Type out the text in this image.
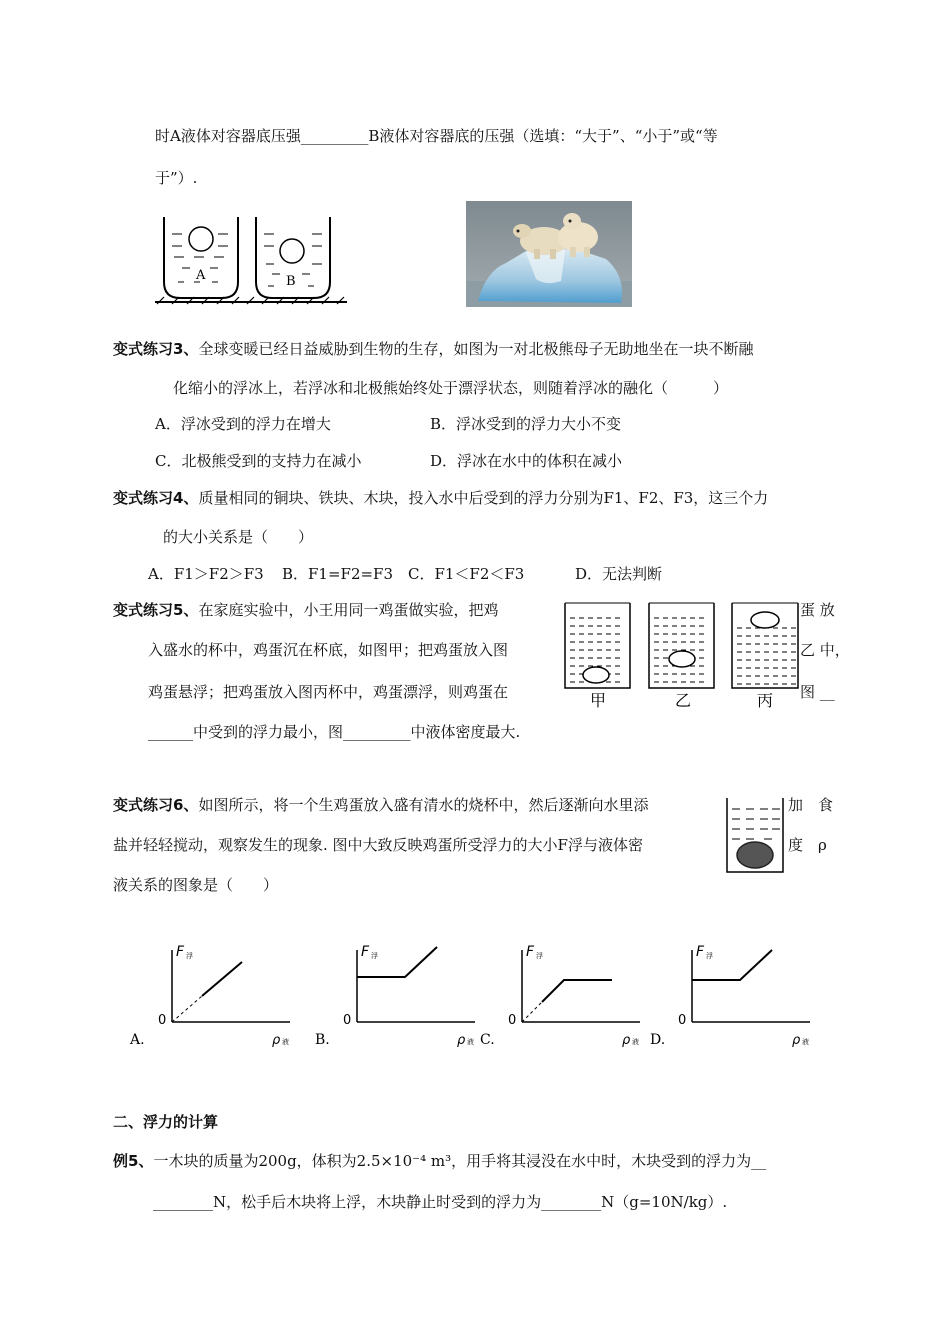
时A液体对容器底压强_________B液体对容器底的压强（选填：“大于”、“小于”或“等
于”）.
A	B
变式练习3、全球变暖已经日益威胁到生物的生存，如图为一对北极熊母子无助地坐在一块不断融
化缩小的浮冰上，若浮冰和北极熊始终处于漂浮状态，则随着浮冰的融化（　　　）
A．浮冰受到的浮力在增大	B．浮冰受到的浮力大小不变
C．北极熊受到的支持力在减小	D．浮冰在水中的体积在减小
变式练习4、质量相同的铜块、铁块、木块，投入水中后受到的浮力分别为F1、F2、F3，这三个力
的大小关系是（　　）
A．F1＞F2＞F3 B．F1=F2=F3 C．F1＜F2＜F3	D．无法判断
变式练习5、在家庭实验中，小王用同一鸡蛋做实验，把鸡	蛋 放
入盛水的杯中，鸡蛋沉在杯底，如图甲；把鸡蛋放入图	乙 中，
鸡蛋悬浮；把鸡蛋放入图丙杯中，鸡蛋漂浮，则鸡蛋在	图 __
______中受到的浮力最小，图_________中液体密度最大.
甲	乙	丙
变式练习6、如图所示，将一个生鸡蛋放入盛有清水的烧杯中，然后逐渐向水里添	加　食
盐并轻轻搅动，观察发生的现象. 图中大致反映鸡蛋所受浮力的大小F浮与液体密	度　ρ
液关系的图象是（　　）
F 浮
ρ 液
0
A.
F 浮
ρ 液
0
B.
F 浮
ρ 液
0
C.
F 浮
ρ 液
0
D.
二、浮力的计算
例5、一木块的质量为200g，体积为2.5×10⁻⁴ m³，用手将其浸没在水中时，木块受到的浮力为__
________N，松手后木块将上浮，木块静止时受到的浮力为________N（g=10N/kg）.
